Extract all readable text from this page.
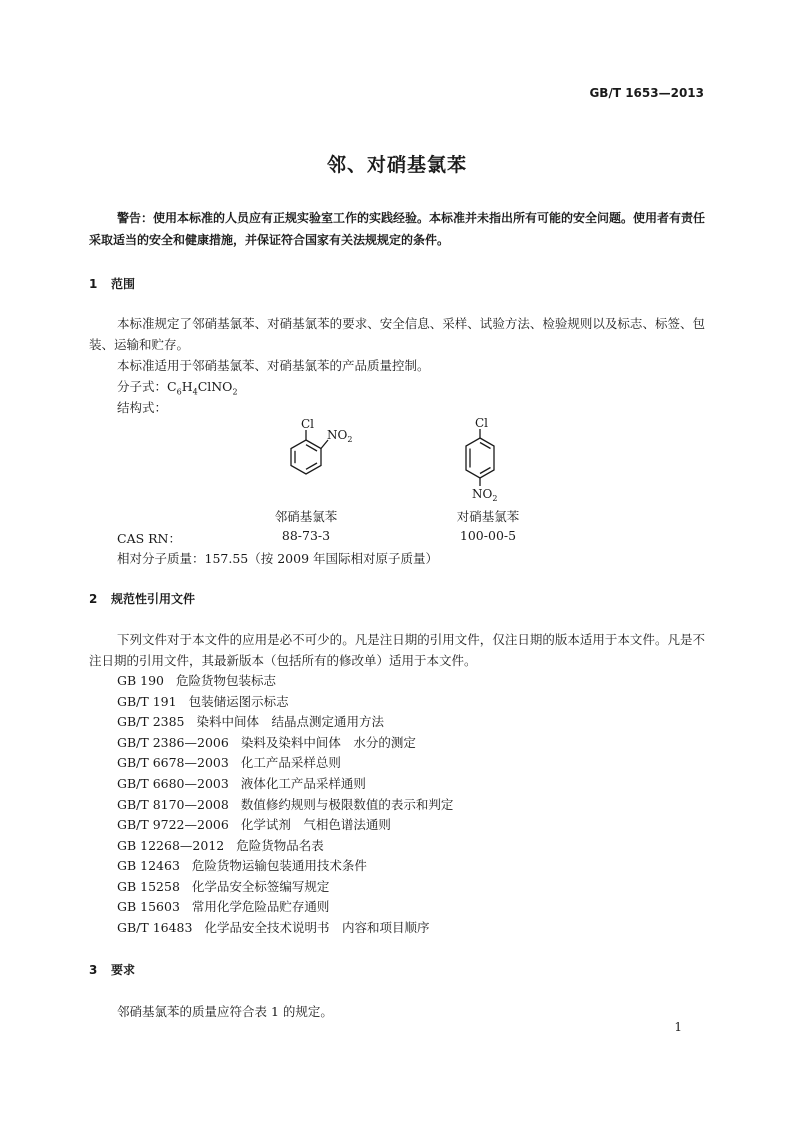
GB/T 1653—2013
邻、对硝基氯苯
警告：使用本标准的人员应有正规实验室工作的实践经验。本标准并未指出所有可能的安全问题。使用者有责任采取适当的安全和健康措施，并保证符合国家有关法规规定的条件。
1 范围
本标准规定了邻硝基氯苯、对硝基氯苯的要求、安全信息、采样、试验方法、检验规则以及标志、标签、包装、运输和贮存。
本标准适用于邻硝基氯苯、对硝基氯苯的产品质量控制。
分子式：$C_6H_4ClNO_2$
结构式：
Cl
$NO_2$
Cl
$NO_2$
邻硝基氯苯	对硝基氯苯
CAS RN：	88-73-3	100-00-5
相对分子质量：157.55（按 2009 年国际相对原子质量）
2 规范性引用文件
下列文件对于本文件的应用是必不可少的。凡是注日期的引用文件，仅注日期的版本适用于本文件。凡是不注日期的引用文件，其最新版本（包括所有的修改单）适用于本文件。
GB 190 危险货物包装标志
GB/T 191 包装储运图示标志
GB/T 2385 染料中间体　结晶点测定通用方法
GB/T 2386—2006 染料及染料中间体　水分的测定
GB/T 6678—2003 化工产品采样总则
GB/T 6680—2003 液体化工产品采样通则
GB/T 8170—2008 数值修约规则与极限数值的表示和判定
GB/T 9722—2006 化学试剂　气相色谱法通则
GB 12268—2012 危险货物品名表
GB 12463 危险货物运输包装通用技术条件
GB 15258 化学品安全标签编写规定
GB 15603 常用化学危险品贮存通则
GB/T 16483 化学品安全技术说明书　内容和项目顺序
3 要求
邻硝基氯苯的质量应符合表 1 的规定。
1
